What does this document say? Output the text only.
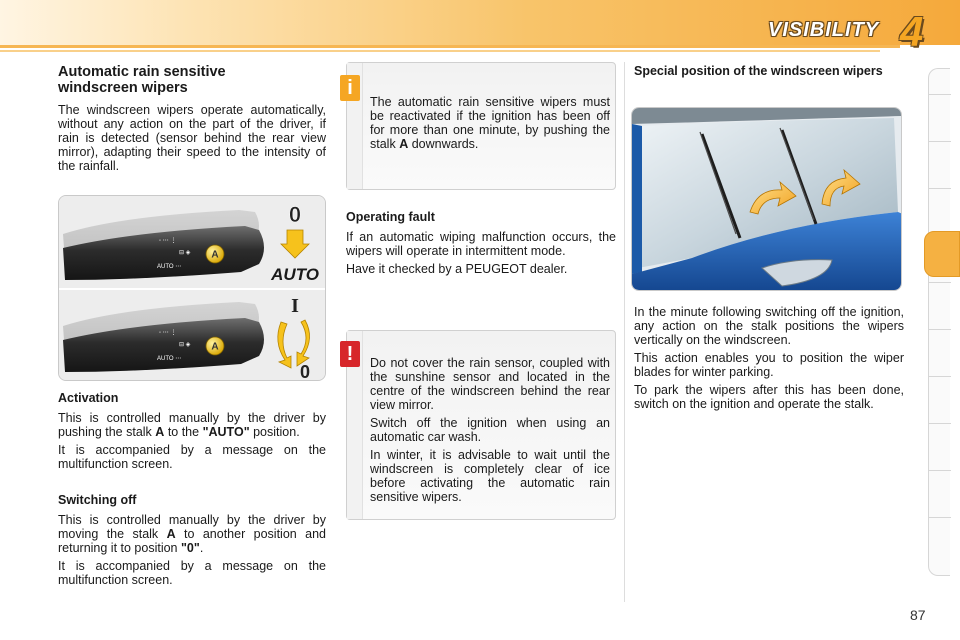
VISIBILITY 4
Automatic rain sensitive windscreen wipers

The windscreen wipers operate automatically, without any action on the part of the driver, if rain is detected (sensor behind the rear view mirror), adapting their speed to the intensity of the rainfall.

◦ ⋯ ⋮
⊟ ◈
AUTO ⋯
A
0
AUTO
◦ ⋯ ⋮
⊟ ◈
AUTO ⋯
A
I
0
Activation

This is controlled manually by the driver by pushing the stalk A to the "AUTO" position.

It is accompanied by a message on the multifunction screen.

Switching off

This is controlled manually by the driver by moving the stalk A to another position and returning it to position "0".

It is accompanied by a message on the multifunction screen.

i

The automatic rain sensitive wipers must be reactivated if the ignition has been off for more than one minute, by pushing the stalk A downwards.

Operating fault

If an automatic wiping malfunction occurs, the wipers will operate in intermittent mode.

Have it checked by a PEUGEOT dealer.

!	Do not cover the rain sensor, coupled with the sunshine sensor and located in the centre of the windscreen behind the rear view mirror.

Switch off the ignition when using an automatic car wash.

In winter, it is advisable to wait until the windscreen is completely clear of ice before activating the automatic rain sensitive wipers.

Special position of the windscreen wipers

In the minute following switching off the ignition, any action on the stalk positions the wipers vertically on the windscreen.

This action enables you to position the wiper blades for winter parking.

To park the wipers after this has been done, switch on the ignition and operate the stalk.

87
